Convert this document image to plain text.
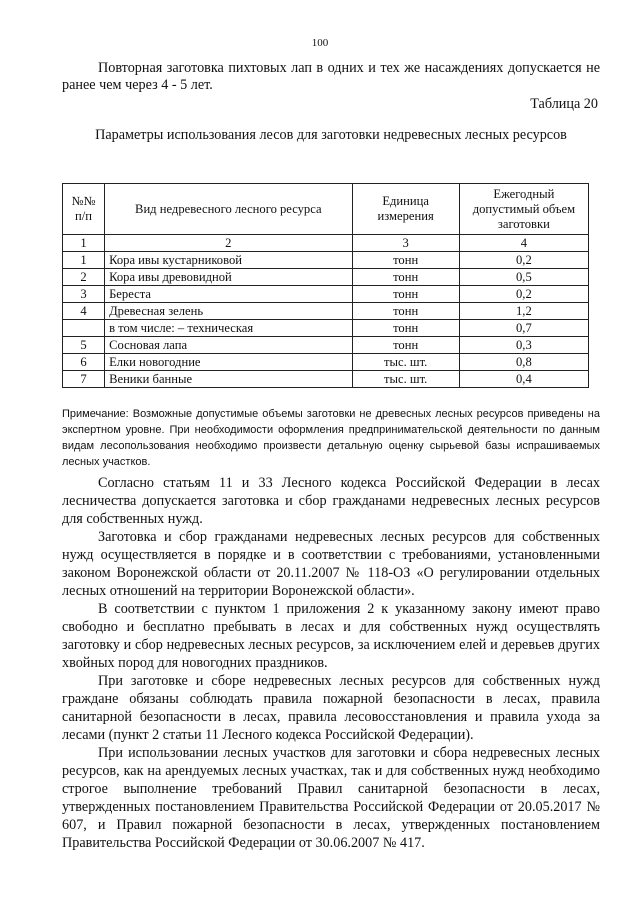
100

Повторная заготовка пихтовых лап в одних и тех же насаждениях допускается не ранее чем через 4 - 5 лет.

Таблица 20
Параметры использования лесов для заготовки недревесных лесных ресурсов
№№ п/п	Вид недревесного лесного ресурса	Единица измерения	Ежегодный допустимый объем заготовки
1	2	3	4
1	Кора ивы кустарниковой	тонн	0,2
2	Кора ивы древовидной	тонн	0,5
3	Береста	тонн	0,2
4	Древесная зелень	тонн	1,2
	в том числе: – техническая	тонн	0,7
5	Сосновая лапа	тонн	0,3
6	Елки новогодние	тыс. шт.	0,8
7	Веники банные	тыс. шт.	0,4

Примечание: Возможные допустимые объемы заготовки не древесных лесных ресурсов приведены на экспертном уровне. При необходимости оформления предпринимательской деятельности по данным видам лесопользования необходимо произвести детальную оценку сырьевой базы испрашиваемых лесных участков.

Согласно статьям 11 и 33 Лесного кодекса Российской Федерации в лесах лесничества допускается заготовка и сбор гражданами недревесных лесных ресурсов для собственных нужд.

Заготовка и сбор гражданами недревесных лесных ресурсов для собственных нужд осуществляется в порядке и в соответствии с требованиями, установленными законом Воронежской области от 20.11.2007 № 118-ОЗ «О регулировании отдельных лесных отношений на территории Воронежской области».

В соответствии с пунктом 1 приложения 2 к указанному закону имеют право свободно и бесплатно пребывать в лесах и для собственных нужд осуществлять заготовку и сбор недревесных лесных ресурсов, за исключением елей и деревьев других хвойных пород для новогодних праздников.

При заготовке и сборе недревесных лесных ресурсов для собственных нужд граждане обязаны соблюдать правила пожарной безопасности в лесах, правила санитарной безопасности в лесах, правила лесовосстановления и правила ухода за лесами (пункт 2 статьи 11 Лесного кодекса Российской Федерации).

При использовании лесных участков для заготовки и сбора недревесных лесных ресурсов, как на арендуемых лесных участках, так и для собственных нужд необходимо строгое выполнение требований Правил санитарной безопасности в лесах, утвержденных постановлением Правительства Российской Федерации от 20.05.2017 № 607, и Правил пожарной безопасности в лесах, утвержденных постановлением Правительства Российской Федерации от 30.06.2007 № 417.
